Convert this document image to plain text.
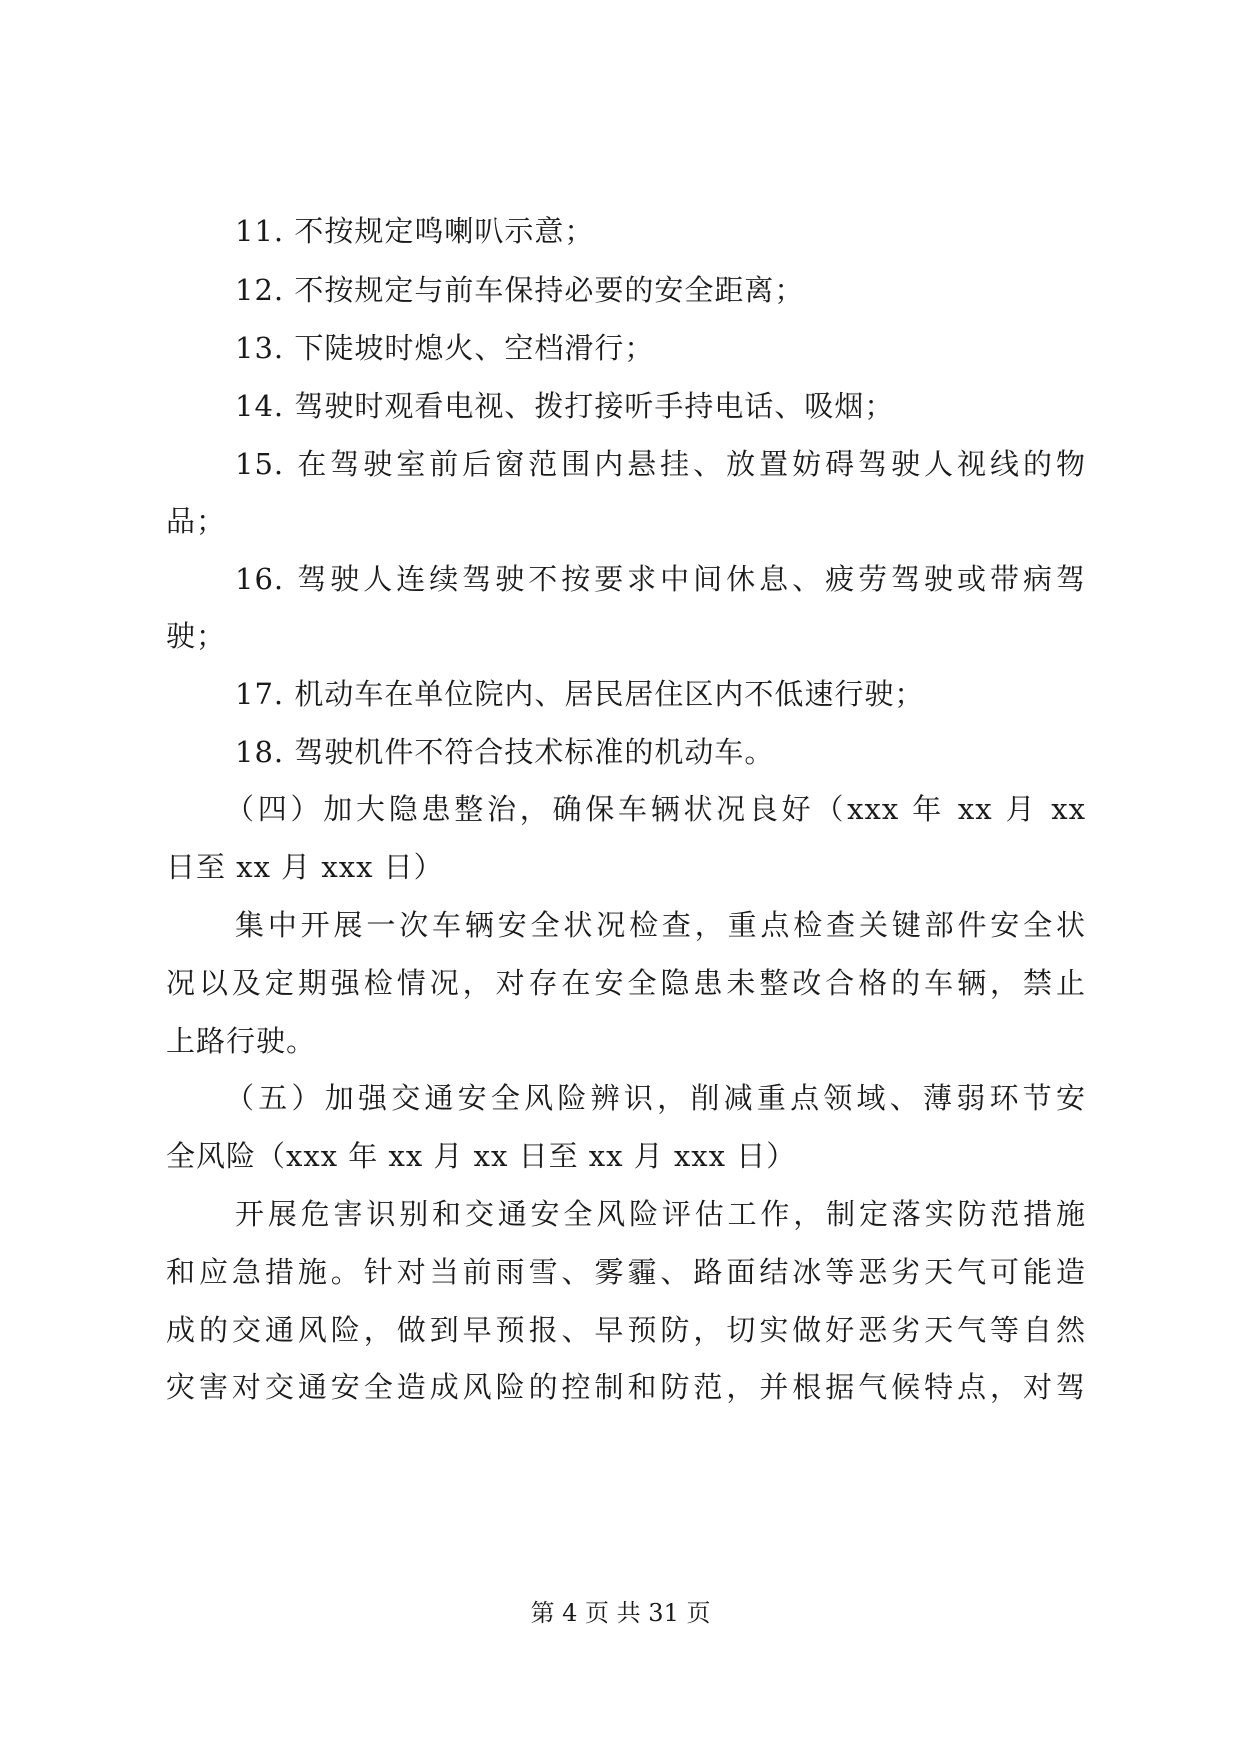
11. 不按规定鸣喇叭示意；
12. 不按规定与前车保持必要的安全距离；
13. 下陡坡时熄火、空档滑行；
14. 驾驶时观看电视、拨打接听手持电话、吸烟；
15. 在驾驶室前后窗范围内悬挂、放置妨碍驾驶人视线的物
品；
16. 驾驶人连续驾驶不按要求中间休息、疲劳驾驶或带病驾
驶；
17. 机动车在单位院内、居民居住区内不低速行驶；
18. 驾驶机件不符合技术标准的机动车。
（四）加大隐患整治，确保车辆状况良好（xxx 年 xx 月 xx
日至 xx 月 xxx 日）
集中开展一次车辆安全状况检查，重点检查关键部件安全状
况以及定期强检情况，对存在安全隐患未整改合格的车辆，禁止
上路行驶。
（五）加强交通安全风险辨识，削减重点领域、薄弱环节安
全风险（xxx 年 xx 月 xx 日至 xx 月 xxx 日）
开展危害识别和交通安全风险评估工作，制定落实防范措施
和应急措施。针对当前雨雪、雾霾、路面结冰等恶劣天气可能造
成的交通风险，做到早预报、早预防，切实做好恶劣天气等自然
灾害对交通安全造成风险的控制和防范，并根据气候特点，对驾
第 4 页 共 31 页
